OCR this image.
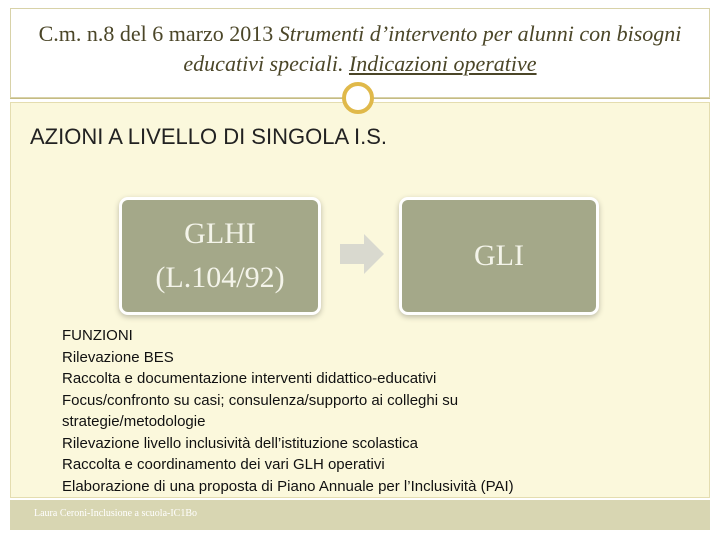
C.m. n.8 del 6 marzo 2013 Strumenti d’intervento per alunni con bisogni educativi speciali. Indicazioni operative
AZIONI A LIVELLO DI SINGOLA I.S.
GLHI
(L.104/92)
GLI
FUNZIONI
Rilevazione BES
Raccolta e documentazione interventi didattico-educativi
Focus/confronto su casi; consulenza/supporto ai colleghi su
strategie/metodologie
Rilevazione livello inclusività dell’istituzione scolastica
Raccolta e coordinamento dei vari GLH operativi
Elaborazione di una proposta di Piano Annuale per l’Inclusività (PAI)
Laura Ceroni-Inclusione a scuola-IC1Bo
